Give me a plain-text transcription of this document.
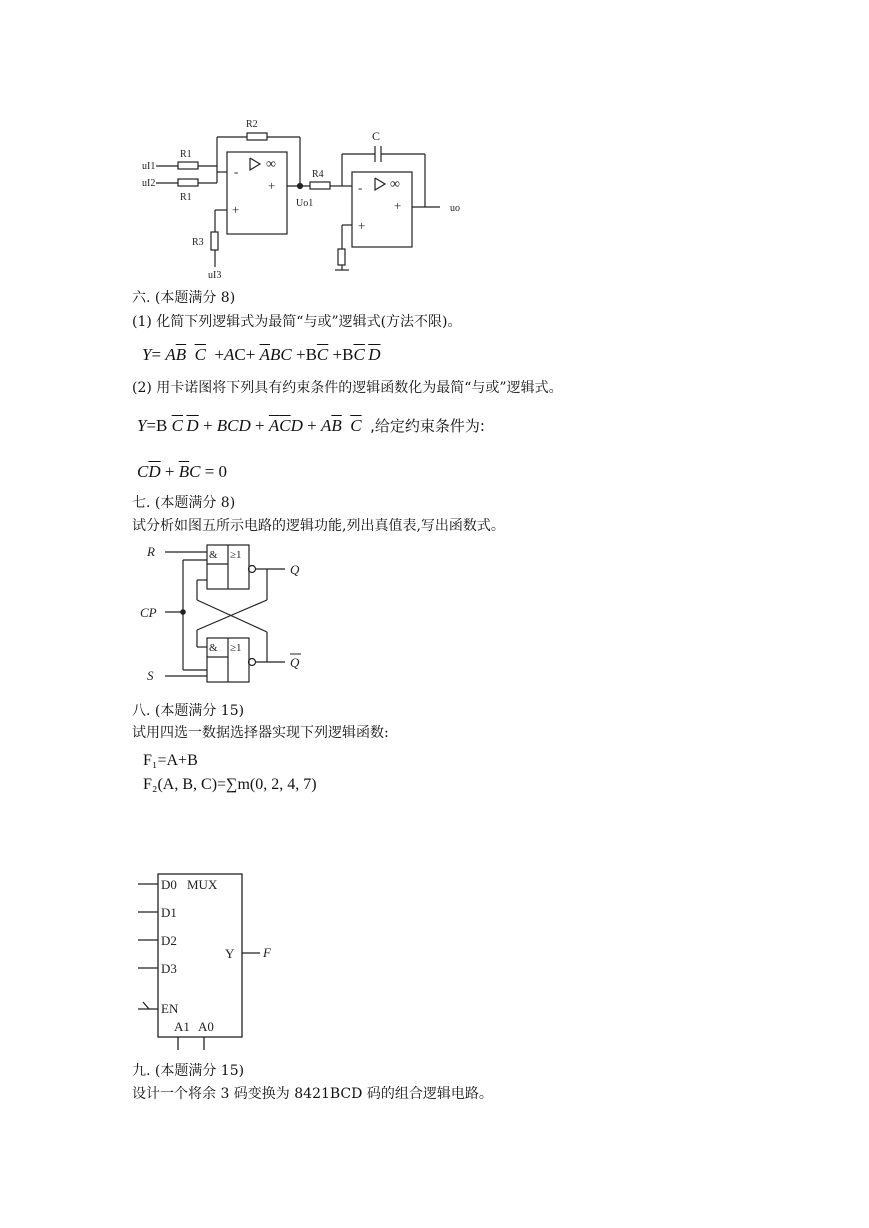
R2
R1
R1
R3
R4
C
uI1
uI2
uI3
Uo1	uo
∞
∞
-
+
+
-
+
+
六. (本题满分 8)
(1) 化简下列逻辑式为最简“与或”逻辑式(方法不限)。
$Y= A\overline{B}$ $\overline{C} +AC+ \overline{A}BC +B\overline{C} +B\overline{C}$  $\overline{D}$
(2) 用卡诺图将下列具有约束条件的逻辑函数化为最简“与或”逻辑式。
Y=B $\overline{C}$  $\overline{D}$ + BCD + $\overline{A}\overline{C}D + A\overline{B}$ $\overline{C}$ ,给定约束条件为:
$C\overline{D} + \overline{B}C = 0$
七. (本题满分 8)
试分析如图五所示电路的逻辑功能,列出真值表,写出函数式。
R
CP
S
Q
Q
& ≥1
& ≥1
八. (本题满分 15)
试用四选一数据选择器实现下列逻辑函数:
F₁=A+B
F₂(A, B, C)=∑m(0, 2, 4, 7)
D0 MUX
D1
D2
D3
EN
Y F
A1 A0
九. (本题满分 15)
设计一个将余 3 码变换为 8421BCD 码的组合逻辑电路。
